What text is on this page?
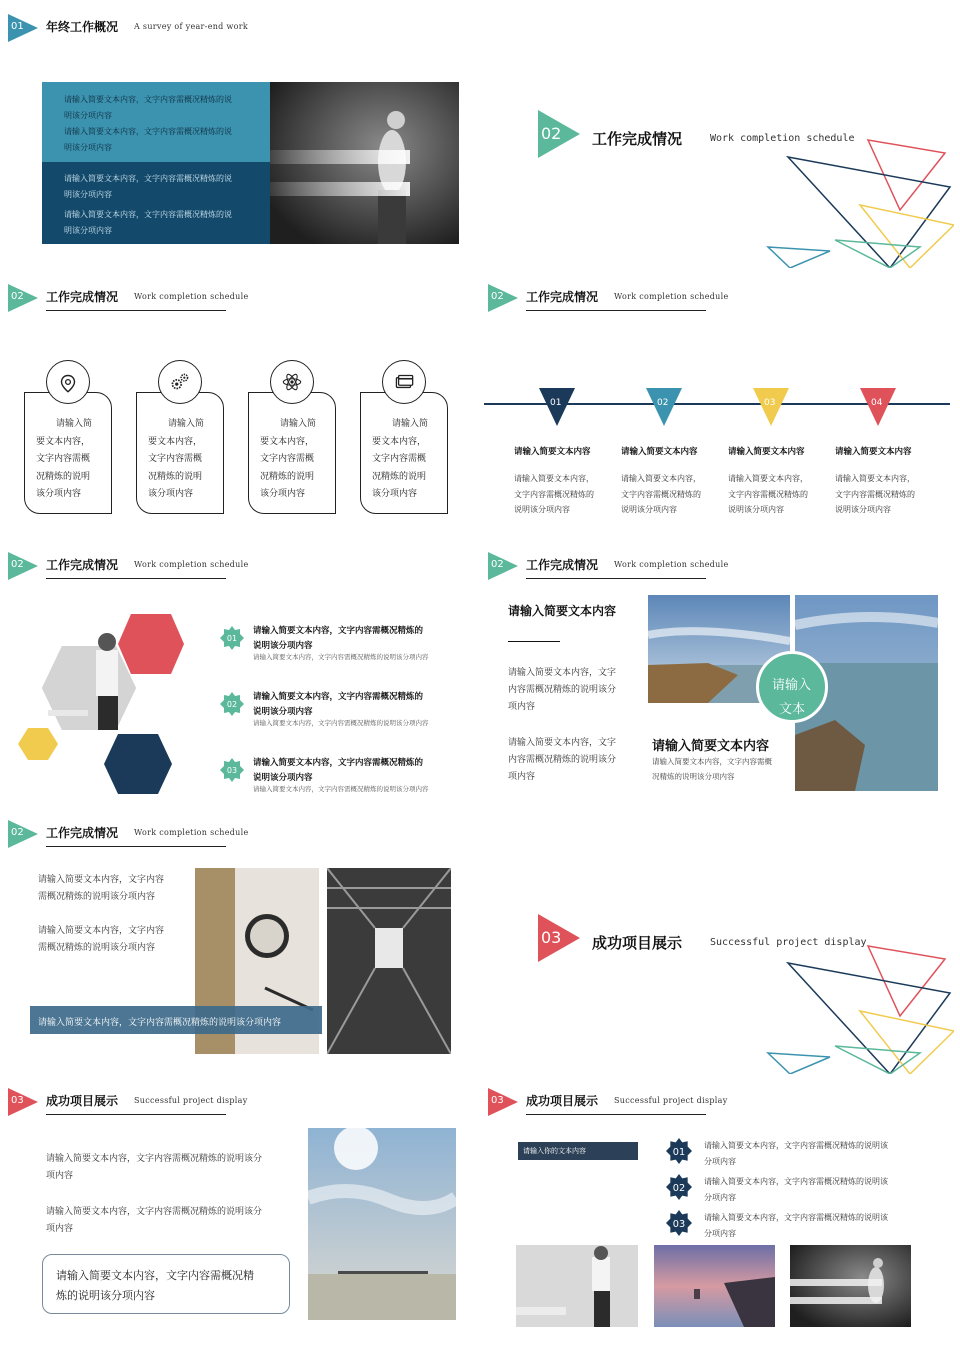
01 年终工作概况 A survey of year-end work
请输入简要文本内容，文字内容需概况精炼的说
明该分项内容
请输入简要文本内容，文字内容需概况精炼的说
明该分项内容
请输入简要文本内容，文字内容需概况精炼的说
明该分项内容
请输入简要文本内容，文字内容需概况精炼的说
明该分项内容
02 工作完成情况	Work completion schedule
02 工作完成情况 Work completion schedule
请输入简
要文本内容，
文字内容需概
况精炼的说明
该分项内容
请输入简
要文本内容，
文字内容需概
况精炼的说明
该分项内容
请输入简
要文本内容，
文字内容需概
况精炼的说明
该分项内容
请输入简
要文本内容，
文字内容需概
况精炼的说明
该分项内容
02 工作完成情况 Work completion schedule
01
请输入简要文本内容
请输入简要文本内容，
文字内容需概况精炼的
说明该分项内容
02
请输入简要文本内容
请输入简要文本内容，
文字内容需概况精炼的
说明该分项内容
03
请输入简要文本内容
请输入简要文本内容，
文字内容需概况精炼的
说明该分项内容
04
请输入简要文本内容
请输入简要文本内容，
文字内容需概况精炼的
说明该分项内容
02 工作完成情况 Work completion schedule
01
请输入简要文本内容，文字内容需概况精炼的
说明该分项内容
请输入简要文本内容，文字内容需概况精炼的说明该分项内容
02
请输入简要文本内容，文字内容需概况精炼的
说明该分项内容
请输入简要文本内容，文字内容需概况精炼的说明该分项内容
03
请输入简要文本内容，文字内容需概况精炼的
说明该分项内容
请输入简要文本内容，文字内容需概况精炼的说明该分项内容
02 工作完成情况 Work completion schedule
请输入简要文本内容
请输入简要文本内容，文字
内容需概况精炼的说明该分
项内容
请输入简要文本内容，文字
内容需概况精炼的说明该分
项内容
请输入
文本
请输入简要文本内容
请输入简要文本内容，文字内容需概
况精炼的说明该分项内容
02 工作完成情况 Work completion schedule
请输入简要文本内容，文字内容
需概况精炼的说明该分项内容
请输入简要文本内容，文字内容
需概况精炼的说明该分项内容
请输入简要文本内容，文字内容需概况精炼的说明该分项内容
03 成功项目展示	Successful project display
03 成功项目展示 Successful project display
请输入简要文本内容，文字内容需概况精炼的说明该分
项内容
请输入简要文本内容，文字内容需概况精炼的说明该分
项内容
请输入简要文本内容，文字内容需概况精
炼的说明该分项内容
03 成功项目展示 Successful project display
请输入你的文本内容	01
请输入简要文本内容，文字内容需概况精炼的说明该
分项内容
02
请输入简要文本内容，文字内容需概况精炼的说明该
分项内容
03
请输入简要文本内容，文字内容需概况精炼的说明该
分项内容
